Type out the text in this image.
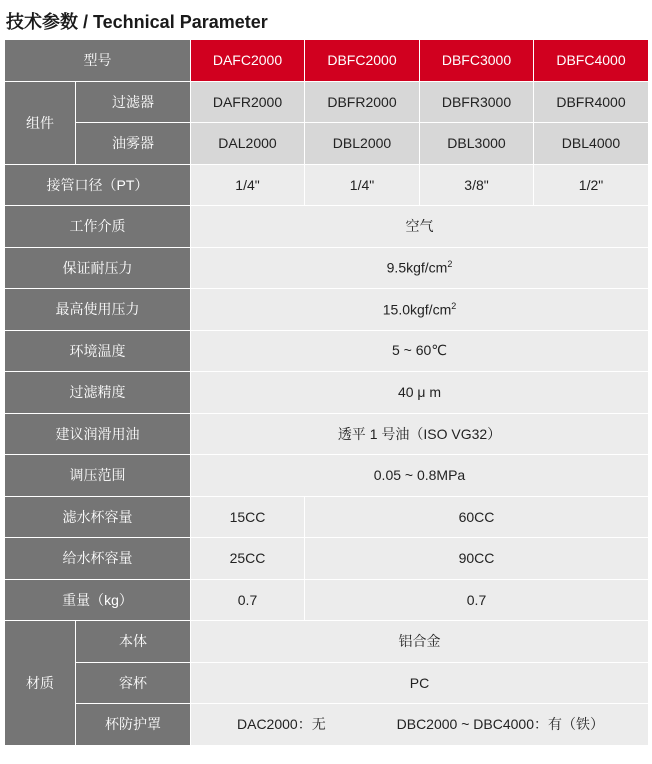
技术参数 / Technical Parameter
型号		DAFC2000	DBFC2000	DBFC3000	DBFC4000
组件	过滤器	DAFR2000	DBFR2000	DBFR3000	DBFR4000
	油雾器	DAL2000	DBL2000	DBL3000	DBL4000
接管口径（PT）		1/4"	1/4"	3/8"	1/2"
工作介质		空气			
保证耐压力		$9.5kgf/cm^2$
最高使用压力		$15.0kgf/cm^2$
环境温度		5 ~ 60℃			
过滤精度		40 μ m			
建议润滑用油		透平 1 号油（ISO VG32）			
调压范围		0.05 ~ 0.8MPa			
滤水杯容量		15CC	60CC		
给水杯容量		25CC	90CC		
重量（kg）		0.7	0.7		
材质	本体	铝合金			
	容杯	PC			
	杯防护罩	DAC2000：无 DBC2000 ~ DBC4000：有（铁）			
